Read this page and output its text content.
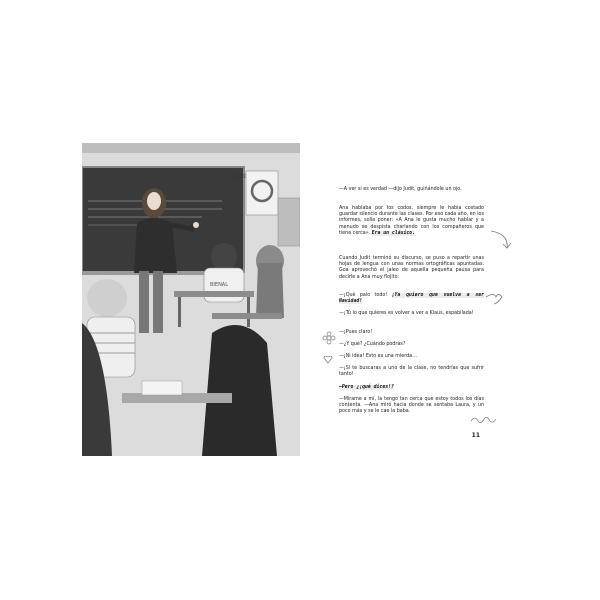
12:00
BIENAL

—A ver si es verdad —dijo Judit, guiñándole un ojo.

Ana hablaba por los codos, siempre le había costado guardar silencio durante las clases. Por eso cada año, en los informes, solía poner: «A Ana le gusta mucho hablar y a menudo se despista charlando con los compañeros que tiene cerca». Era un clásico.

Cuando Judit terminó su discurso, se puso a repartir unas hojas de lengua con unas normas ortográficas apuntadas. Goa aprovechó el jaleo de aquella pequeña pausa para decirle a Ana muy flojito:

—¡Qué palo todo! ¡Ya quiero que vuelva a ser Navidad!

—¡Tú lo que quieres es volver a ver a Klaus, espabilada!

—¡Pues claro!

—¿Y qué? ¿Cuándo podrás?

—¡Ni idea! Esto es una mierda…

—¡Si te buscaras a uno de la clase, no tendrías que sufrir tanto!

—Pero ¿¡qué dices!?

—Mírame a mí, la tengo tan cerca que estoy todos los días contenta. —Ana miró hacia donde se sentaba Laura, y un poco más y se le cae la baba.

11
